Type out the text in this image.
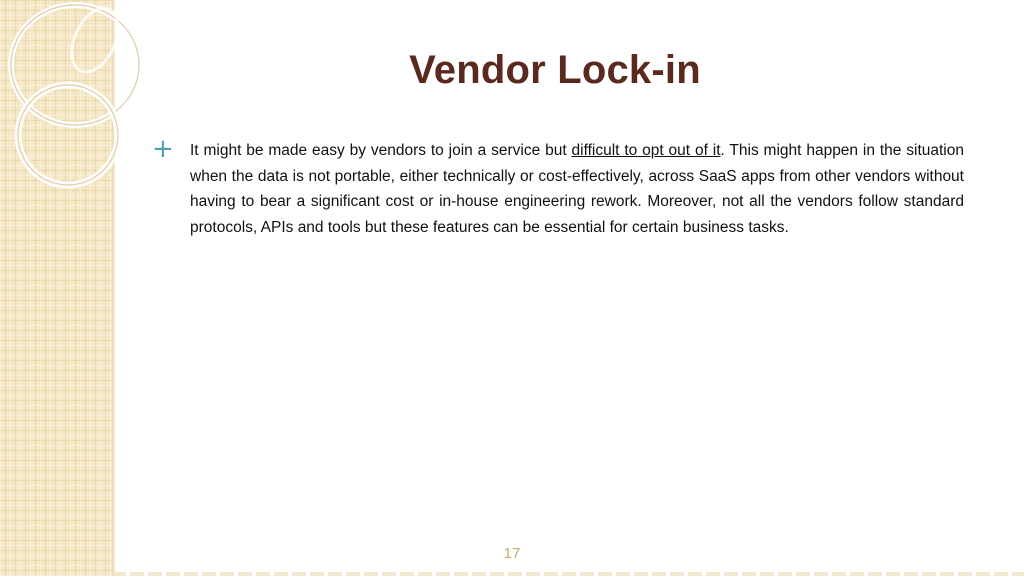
Vendor Lock-in
+ It might be made easy by vendors to join a service but difficult to opt out of it. This might happen in the situation when the data is not portable, either technically or cost-effectively, across SaaS apps from other vendors without having to bear a significant cost or in-house engineering rework. Moreover, not all the vendors follow standard protocols, APIs and tools but these features can be essential for certain business tasks.
17
